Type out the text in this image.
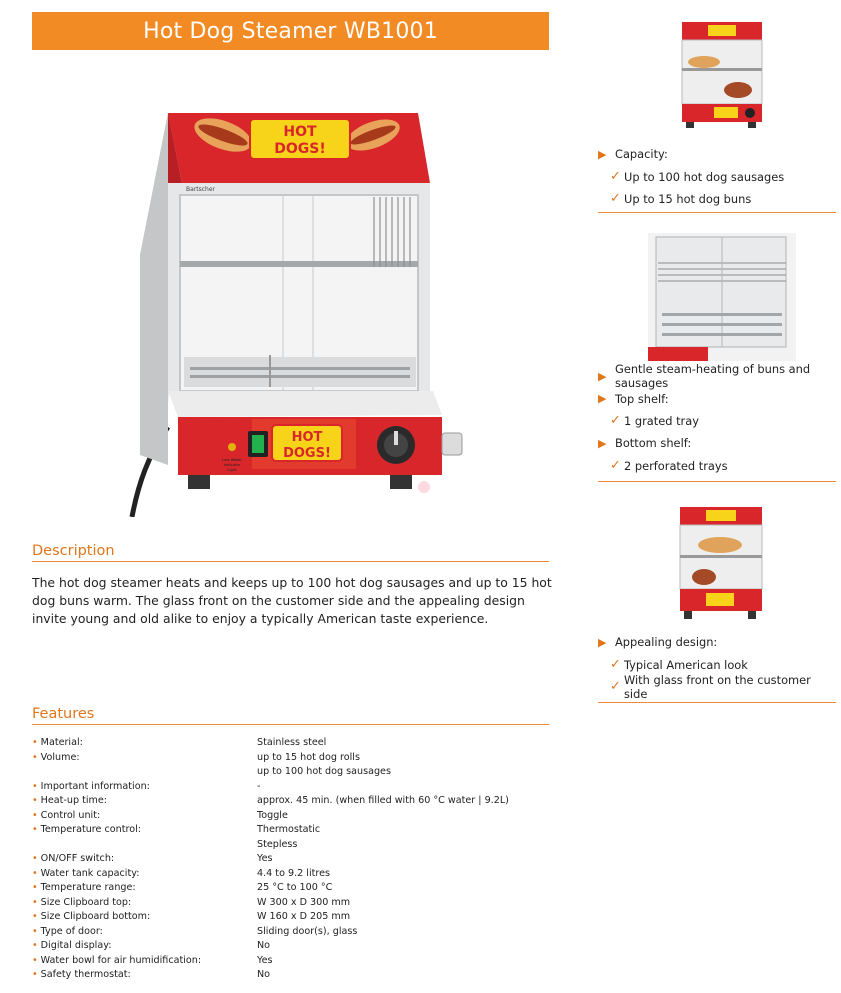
Hot Dog Steamer WB1001
HOT
DOGS!
Bartscher
HOT
DOGS!
Low Water
Indicator
Light
Description
The hot dog steamer heats and keeps up to 100 hot dog sausages and up to 15 hot dog buns warm. The glass front on the customer side and the appealing design invite young and old alike to enjoy a typically American taste experience.
Features
• Material:	Stainless steel
• Volume:	up to 15 hot dog rolls
up to 100 hot dog sausages
• Important information:	-
• Heat-up time:	approx. 45 min. (when filled with 60 °C water | 9.2L)
• Control unit:	Toggle
• Temperature control:	Thermostatic
Stepless
• ON/OFF switch:	Yes
• Water tank capacity:	4.4 to 9.2 litres
• Temperature range:	25 °C to 100 °C
• Size Clipboard top:	W 300 x D 300 mm
• Size Clipboard bottom:	W 160 x D 205 mm
• Type of door:	Sliding door(s), glass
• Digital display:	No
• Water bowl for air humidification:	Yes
• Safety thermostat:	No
▶ Capacity:
✓ Up to 100 hot dog sausages
✓ Up to 15 hot dog buns
▶ Gentle steam-heating of buns and sausages
▶ Top shelf:
✓ 1 grated tray
▶ Bottom shelf:
✓ 2 perforated trays
▶ Appealing design:
✓ Typical American look
✓ With glass front on the customer side
